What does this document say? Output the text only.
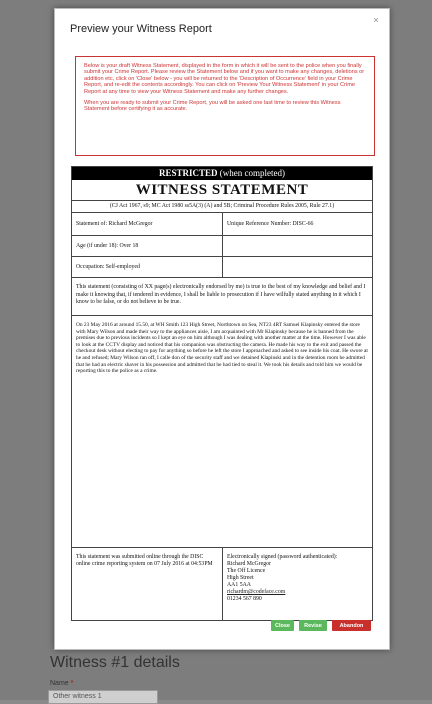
Witness #1 details
Name *
Other witness 1
Preview your Witness Report
×

Below is your draft Witness Statement, displayed in the form in which it will be sent to the police when you finally submit your Crime Report. Please review the Statement below and if you want to make any changes, deletions or addition etc, click on 'Close' below - you will be returned to the 'Description of Occurrence' field in your Crime Report, and re-edit the contents accordingly. You can click on 'Preview Your Witness Statement' in your Crime Report at any time to view your Witness Statement and make any further changes.

When you are ready to submit your Crime Report, you will be asked one last time to review this Witness Statement before certifying it as accurate.

RESTRICTED (when completed)
WITNESS STATEMENT
(CJ Act 1967, s9; MC Act 1980 ss5A(3) (A) and 5B; Criminal Procedure Rules 2005, Rule 27.1)
Statement of: Richard McGregor	Unique Reference Number: DISC-66
Age (if under 18): Over 18
Occupation: Self-employed
This statement (consisting of XX page(s) electronically endorsed by me) is true to the best of my knowledge and belief and I make it knowing that, if tendered in evidence, I shall be liable to prosecution if I have wilfully stated anything in it which I know to be false, or do not believe to be true.
On 23 May 2016 at around 15.50, at WH Smith 123 High Street, Northtown on Sea, NT23 4RT Samuel Klapinsky entered the store with Mary Wilson and made their way to the appliances aisle, I am acquainted with Mr Klapinsky because he is banned from the premises due to previous incidents so I kept an eye on him although I was dealing with another matter at the time. However I was able to look at the CCTV display and noticed that his companion was obstructing the camera. He made his way to the exit and passed the checkout desk without electing to pay for anything so before he left the store I approached and asked to see inside his coat. He swore at he and refused; Mary Wilson ran off, I calle don of the security staff and we detained Klapinski and in the detention room he admitted that he had an electric shaver in his possession and admitted that he had tied to steal it. We took his details and told him we would be reporting this to the police as a crime.
This statement was submitted online through the DISC online crime reporting system on 07 July 2016 at 04:53PM
Electronically signed (password authenticated):
Richard McGregor
The Off Licence
High Street
AA1 5AA
richardm@codeface.com
01234 567 890
Close	Revise	Abandon
